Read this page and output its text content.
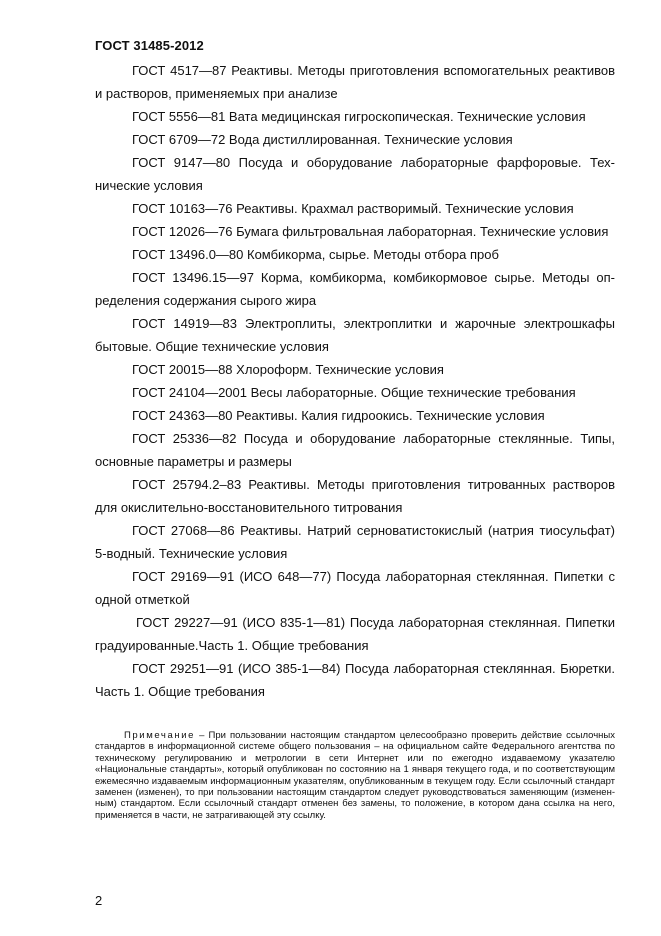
ГОСТ 31485-2012

ГОСТ 4517—87 Реактивы. Методы приготовления вспомогательных реактивов и растворов, применяемых при анализе

ГОСТ 5556—81 Вата медицинская гигроскопическая. Технические условия

ГОСТ 6709—72 Вода дистиллированная. Технические условия

ГОСТ 9147—80 Посуда и оборудование лабораторные фарфоровые. Технические условия

ГОСТ 10163—76 Реактивы. Крахмал растворимый. Технические условия

ГОСТ 12026—76 Бумага фильтровальная лабораторная. Технические условия

ГОСТ 13496.0—80 Комбикорма, сырье. Методы отбора проб

ГОСТ 13496.15—97 Корма, комбикорма, комбикормовое сырье. Методы определения содержания сырого жира

ГОСТ 14919—83 Электроплиты, электроплитки и жарочные электрошкафы бытовые. Общие технические условия

ГОСТ 20015—88 Хлороформ. Технические условия

ГОСТ 24104—2001 Весы лабораторные. Общие технические требования

ГОСТ 24363—80 Реактивы. Калия гидроокись. Технические условия

ГОСТ 25336—82 Посуда и оборудование лабораторные стеклянные. Типы, основные параметры и размеры

ГОСТ 25794.2–83 Реактивы. Методы приготовления титрованных растворов для окислительно-восстановительного титрования

ГОСТ 27068—86 Реактивы. Натрий серноватистокислый (натрия тиосульфат) 5-водный. Технические условия

ГОСТ 29169—91 (ИСО 648—77) Посуда лабораторная стеклянная. Пипетки с одной отметкой

ГОСТ 29227—91 (ИСО 835-1—81) Посуда лабораторная стеклянная. Пипетки градуированные.Часть 1. Общие требования

ГОСТ 29251—91 (ИСО 385-1—84) Посуда лабораторная стеклянная. Бюретки. Часть 1. Общие требования

Примечание – При пользовании настоящим стандартом целесообразно проверить действие ссылочных стандартов в информационной системе общего пользования – на официальном сайте Федерального агентства по техническому регулированию и метрологии в сети Интернет или по ежегодно издаваемому указателю «Национальные стандарты», который опубликован по состоянию на 1 января текущего года, и по соответствующим ежемесячно издаваемым информационным указателям, опубликованным в текущем году. Если ссылочный стандарт заменен (изменен), то при пользовании настоящим стандартом следует руководствоваться заменяющим (измененным) стандартом. Если ссылочный стандарт отменен без замены, то положение, в котором дана ссылка на него, применяется в части, не затрагивающей эту ссылку.

2
